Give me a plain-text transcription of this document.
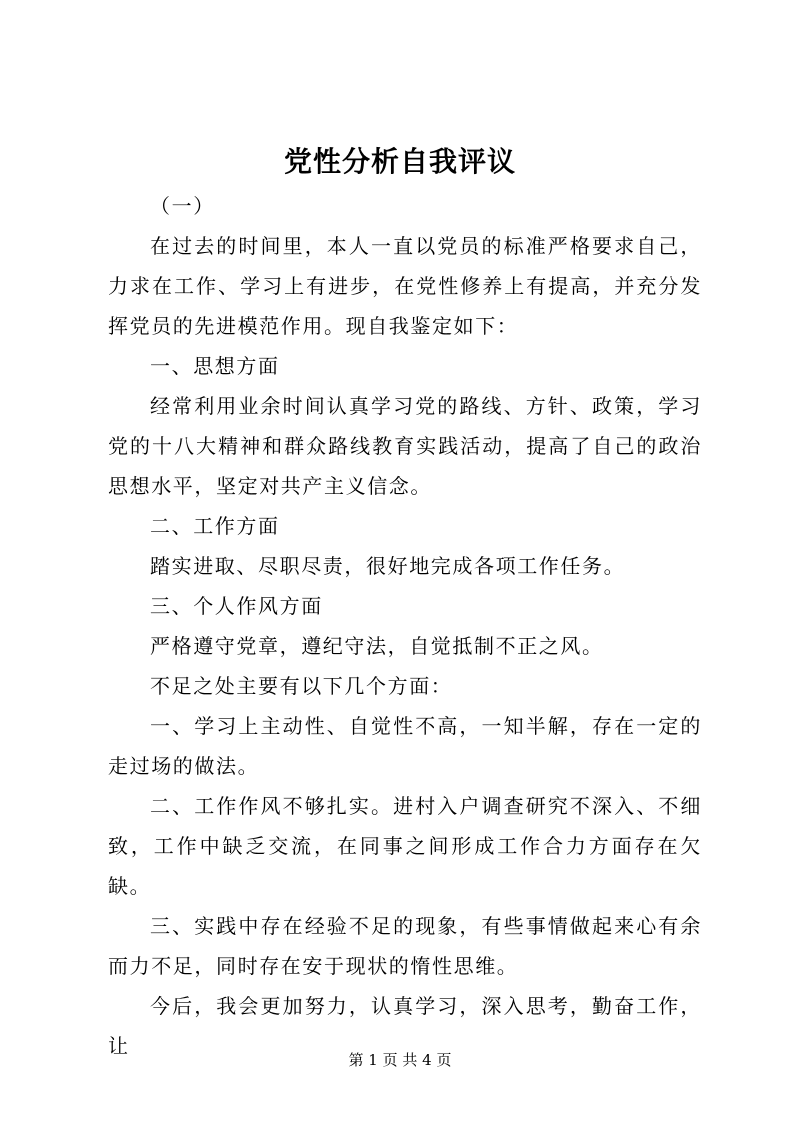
党性分析自我评议

（一）

在过去的时间里，本人一直以党员的标准严格要求自己，力求在工作、学习上有进步，在党性修养上有提高，并充分发挥党员的先进模范作用。现自我鉴定如下：

一、思想方面

经常利用业余时间认真学习党的路线、方针、政策，学习党的十八大精神和群众路线教育实践活动，提高了自己的政治思想水平，坚定对共产主义信念。

二、工作方面

踏实进取、尽职尽责，很好地完成各项工作任务。

三、个人作风方面

严格遵守党章，遵纪守法，自觉抵制不正之风。

不足之处主要有以下几个方面：

一、学习上主动性、自觉性不高，一知半解，存在一定的走过场的做法。

二、工作作风不够扎实。进村入户调查研究不深入、不细致，工作中缺乏交流，在同事之间形成工作合力方面存在欠缺。

三、实践中存在经验不足的现象，有些事情做起来心有余而力不足，同时存在安于现状的惰性思维。

今后，我会更加努力，认真学习，深入思考，勤奋工作，让

第 1 页 共 4 页
